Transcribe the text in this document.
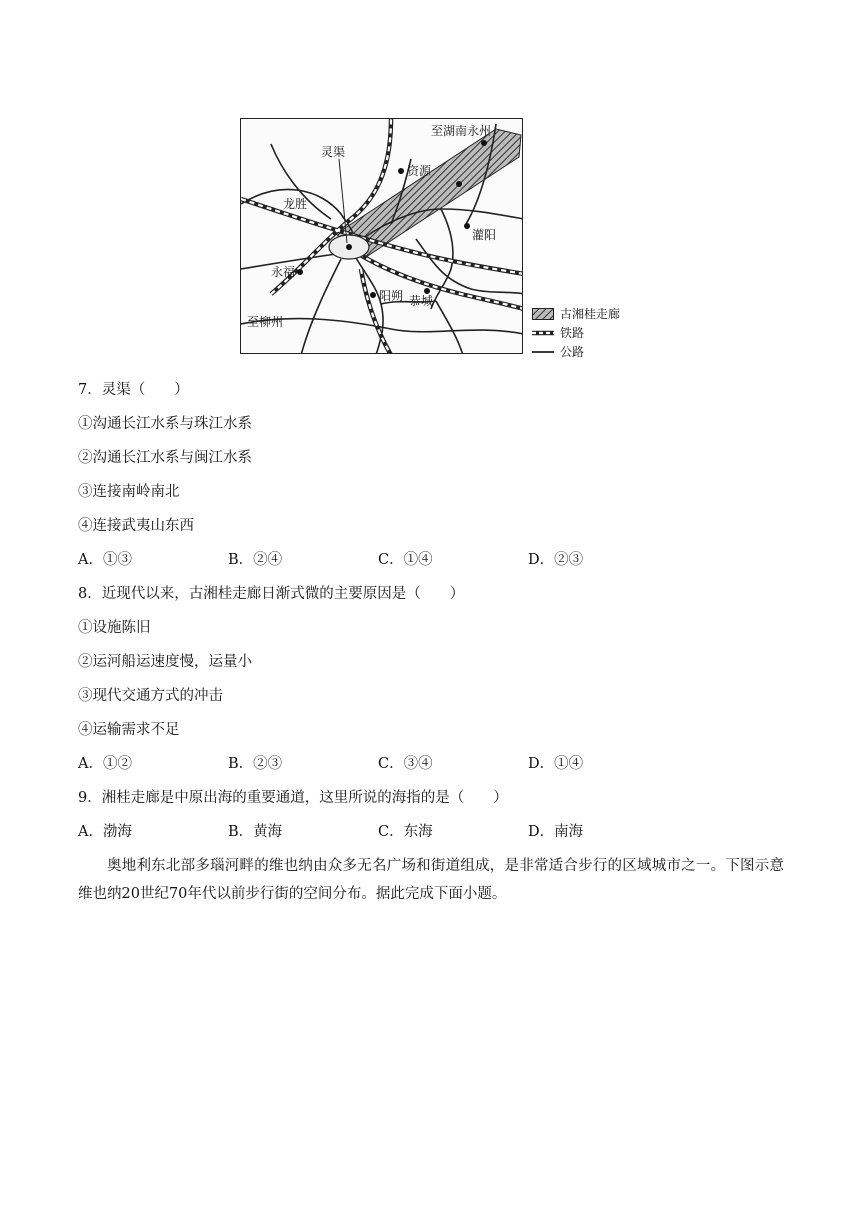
至湖南永州
灵渠
资源
龙胜
灌阳
永福
阳朔 恭城
至柳州
古湘桂走廊
铁路
公路
7．灵渠（　　）
①沟通长江水系与珠江水系
②沟通长江水系与闽江水系
③连接南岭南北
④连接武夷山东西
A．①③	B．②④	C．①④	D．②③
8．近现代以来，古湘桂走廊日渐式微的主要原因是（　　）
①设施陈旧
②运河船运速度慢，运量小
③现代交通方式的冲击
④运输需求不足
A．①②	B．②③	C．③④	D．①④
9．湘桂走廊是中原出海的重要通道，这里所说的海指的是（　　）
A．渤海	B．黄海	C．东海	D．南海
奥地利东北部多瑙河畔的维也纳由众多无名广场和街道组成，是非常适合步行的区域城市之一。下图示意维也纳20世纪70年代以前步行街的空间分布。据此完成下面小题。
